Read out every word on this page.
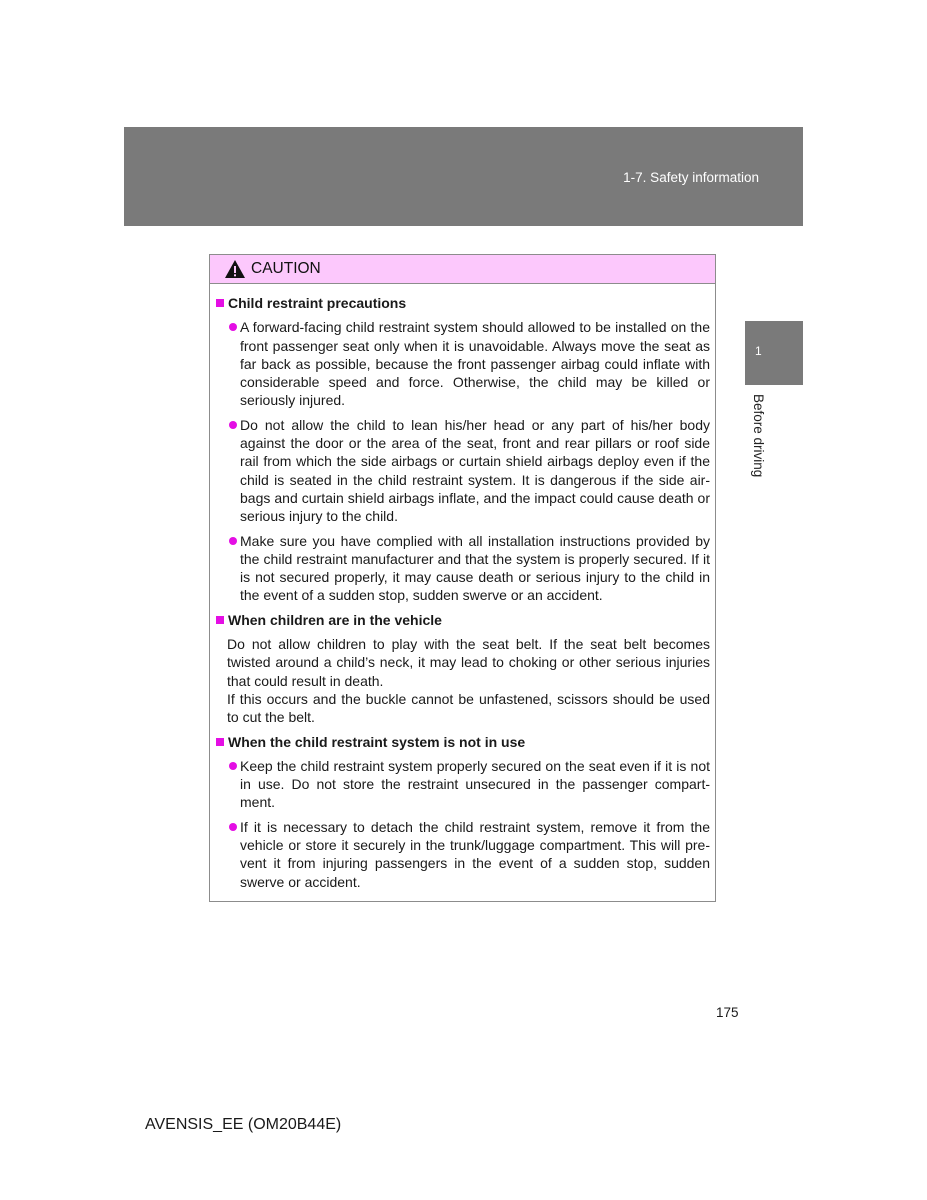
1-7. Safety information
1
Before driving
CAUTION
Child restraint precautions
A forward-facing child restraint system should allowed to be installed on the front passenger seat only when it is unavoidable. Always move the seat as far back as possible, because the front passenger airbag could inflate with considerable speed and force. Otherwise, the child may be killed or seriously injured.
Do not allow the child to lean his/her head or any part of his/her body against the door or the area of the seat, front and rear pillars or roof side rail from which the side airbags or curtain shield airbags deploy even if the child is seated in the child restraint system. It is dangerous if the side air-bags and curtain shield airbags inflate, and the impact could cause death or serious injury to the child.
Make sure you have complied with all installation instructions provided by the child restraint manufacturer and that the system is properly secured. If it is not secured properly, it may cause death or serious injury to the child in the event of a sudden stop, sudden swerve or an accident.
When children are in the vehicle
Do not allow children to play with the seat belt. If the seat belt becomes twisted around a child’s neck, it may lead to choking or other serious injuries that could result in death.
If this occurs and the buckle cannot be unfastened, scissors should be used to cut the belt.
When the child restraint system is not in use
Keep the child restraint system properly secured on the seat even if it is not in use. Do not store the restraint unsecured in the passenger compart-ment.
If it is necessary to detach the child restraint system, remove it from the vehicle or store it securely in the trunk/luggage compartment. This will pre-vent it from injuring passengers in the event of a sudden stop, sudden swerve or accident.
175
AVENSIS_EE (OM20B44E)
